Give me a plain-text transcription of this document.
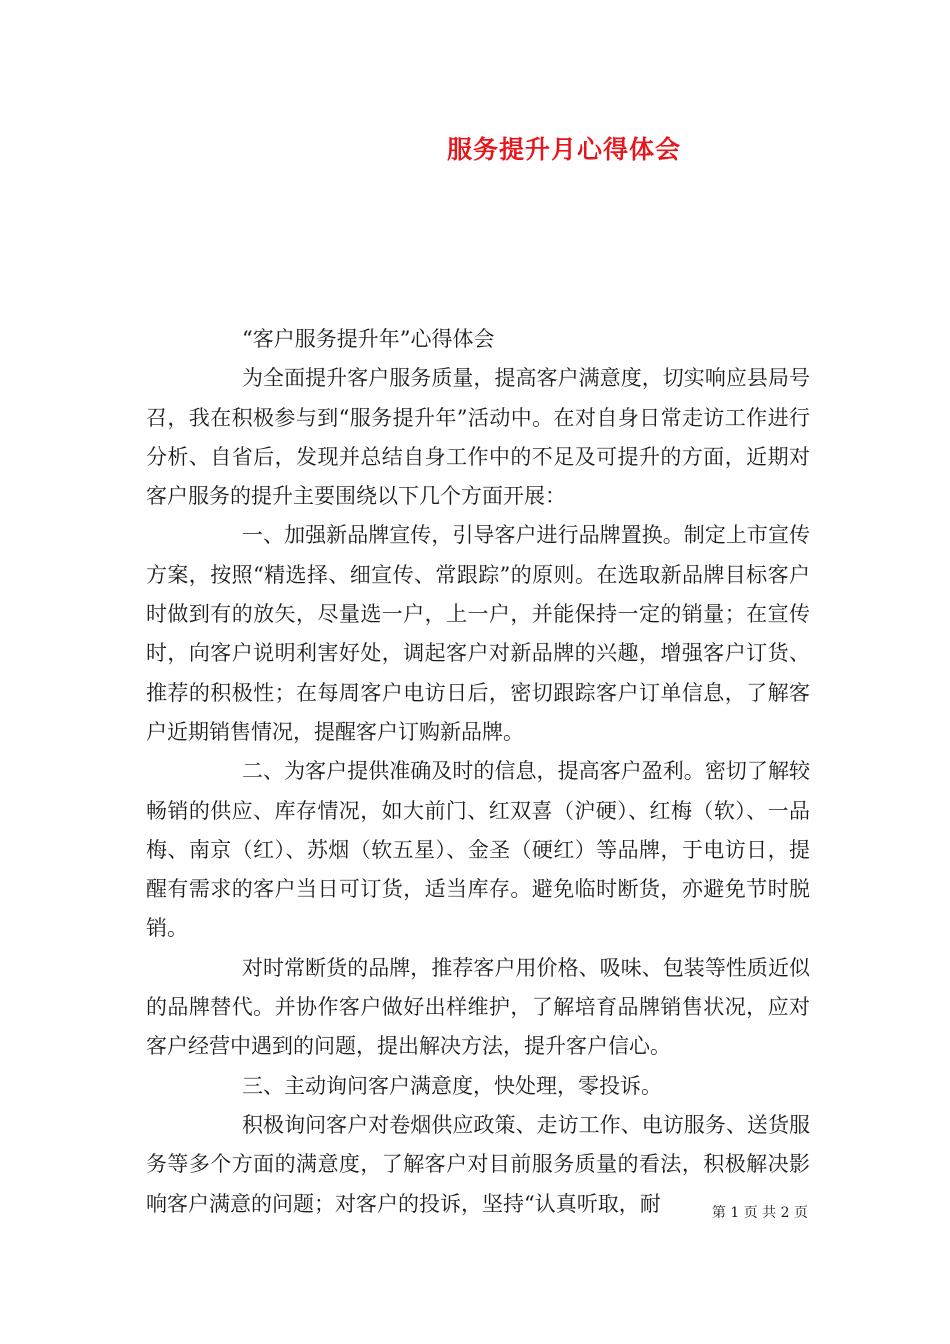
服务提升月心得体会

“客户服务提升年”心得体会

为全面提升客户服务质量，提高客户满意度，切实响应县局号召，我在积极参与到“服务提升年”活动中。在对自身日常走访工作进行分析、自省后，发现并总结自身工作中的不足及可提升的方面，近期对客户服务的提升主要围绕以下几个方面开展：

一、加强新品牌宣传，引导客户进行品牌置换。制定上市宣传方案，按照“精选择、细宣传、常跟踪”的原则。在选取新品牌目标客户时做到有的放矢，尽量选一户，上一户，并能保持一定的销量；在宣传时，向客户说明利害好处，调起客户对新品牌的兴趣，增强客户订货、推荐的积极性；在每周客户电访日后，密切跟踪客户订单信息，了解客户近期销售情况，提醒客户订购新品牌。

二、为客户提供准确及时的信息，提高客户盈利。密切了解较畅销的供应、库存情况，如大前门、红双喜（沪硬）、红梅（软）、一品梅、南京（红）、苏烟（软五星）、金圣（硬红）等品牌，于电访日，提醒有需求的客户当日可订货，适当库存。避免临时断货，亦避免节时脱销。

对时常断货的品牌，推荐客户用价格、吸味、包装等性质近似的品牌替代。并协作客户做好出样维护，了解培育品牌销售状况，应对客户经营中遇到的问题，提出解决方法，提升客户信心。

三、主动询问客户满意度，快处理，零投诉。

积极询问客户对卷烟供应政策、走访工作、电访服务、送货服务等多个方面的满意度，了解客户对目前服务质量的看法，积极解决影响客户满意的问题；对客户的投诉，坚持“认真听取，耐	第 1 页 共 2 页
